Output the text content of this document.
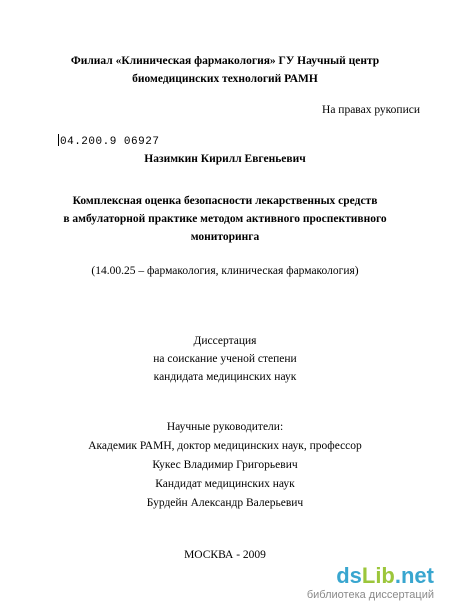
Филиал «Клиническая фармакология» ГУ Научный центр
биомедицинских технологий РАМН
На правах рукописи
04.200.9 06927
Назимкин Кирилл Евгеньевич
Комплексная оценка безопасности лекарственных средств
в амбулаторной практике методом активного проспективного
мониторинга
(14.00.25 – фармакология, клиническая фармакология)
Диссертация
на соискание ученой степени
кандидата медицинских наук
Научные руководители:
Академик РАМН, доктор медицинских наук, профессор
Кукес Владимир Григорьевич
Кандидат медицинских наук
Бурдейн Александр Валерьевич
МОСКВА - 2009
dsLib.net
библиотека диссертаций
